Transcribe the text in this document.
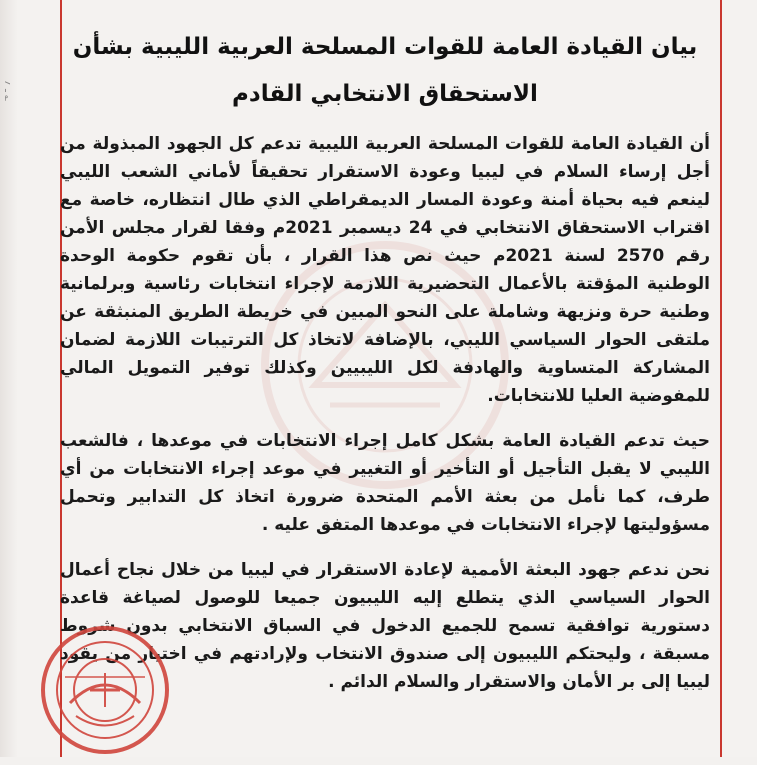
ـ ؍ ؎
بيان القيادة العامة للقوات المسلحة العربية الليبية بشأن
الاستحقاق الانتخابي القادم

أن القيادة العامة للقوات المسلحة العربية الليبية تدعم كل الجهود المبذولة من أجل إرساء السلام في ليبيا وعودة الاستقرار تحقيقاً لأماني الشعب الليبي لينعم فيه بحياة أمنة وعودة المسار الديمقراطي الذي طال انتظاره، خاصة مع اقتراب الاستحقاق الانتخابي في 24 ديسمبر 2021م وفقا لقرار مجلس الأمن رقم 2570 لسنة 2021م حيث نص هذا القرار ، بأن تقوم حكومة الوحدة الوطنية المؤقتة بالأعمال التحضيرية اللازمة لإجراء انتخابات رئاسية وبرلمانية وطنية حرة ونزيهة وشاملة على النحو المبين في خريطة الطريق المنبثقة عن ملتقى الحوار السياسي الليبي، بالإضافة لاتخاذ كل الترتيبات اللازمة لضمان المشاركة المتساوية والهادفة لكل الليبيين وكذلك توفير التمويل المالي للمفوضية العليا للانتخابات.

حيث تدعم القيادة العامة بشكل كامل إجراء الانتخابات في موعدها ، فالشعب الليبي لا يقبل التأجيل أو التأخير أو التغيير في موعد إجراء الانتخابات من أي طرف، كما نأمل من بعثة الأمم المتحدة ضرورة اتخاذ كل التدابير وتحمل مسؤوليتها لإجراء الانتخابات في موعدها المتفق عليه .

نحن ندعم جهود البعثة الأممية لإعادة الاستقرار في ليبيا من خلال نجاح أعمال الحوار السياسي الذي يتطلع إليه الليبيون جميعا للوصول لصياغة قاعدة دستورية توافقية تسمح للجميع الدخول في السباق الانتخابي بدون شروط مسبقة ، وليحتكم الليبيون إلى صندوق الانتخاب ولإرادتهم في اختيار من يقود ليبيا إلى بر الأمان والاستقرار والسلام الدائم .
